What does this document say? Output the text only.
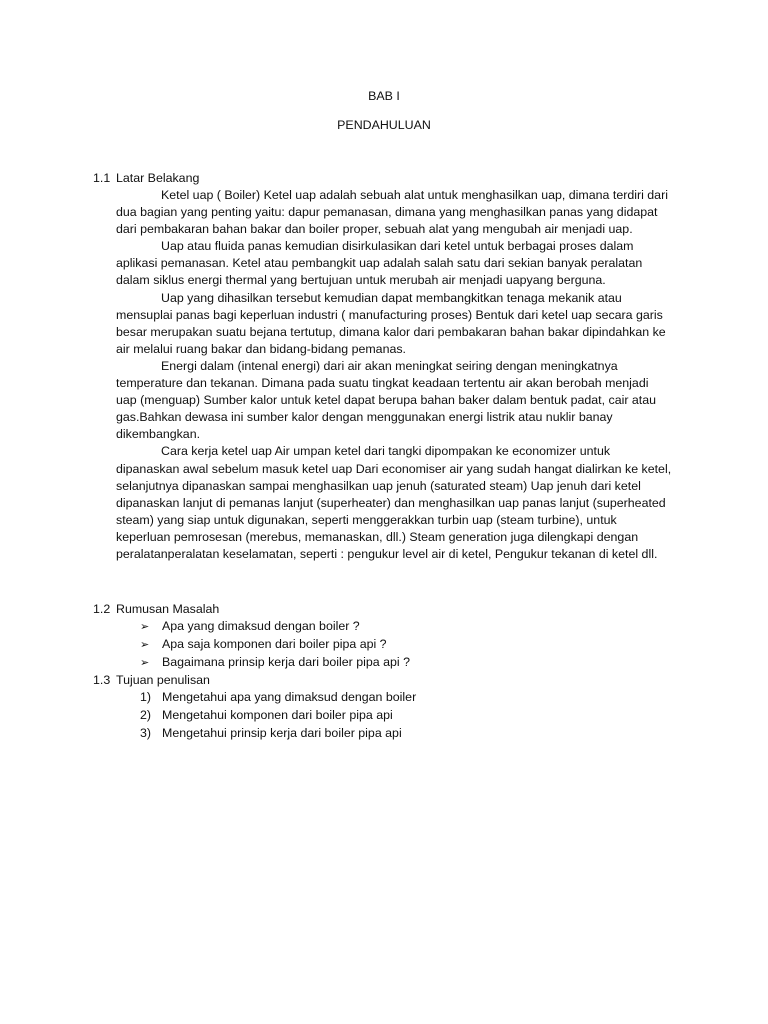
BAB I
PENDAHULUAN
1.1 Latar Belakang

Ketel uap ( Boiler) Ketel uap adalah sebuah alat untuk menghasilkan uap, dimana terdiri dari dua bagian yang penting yaitu: dapur pemanasan, dimana yang menghasilkan panas yang didapat dari pembakaran bahan bakar dan boiler proper, sebuah alat yang mengubah air menjadi uap.

Uap atau fluida panas kemudian disirkulasikan dari ketel untuk berbagai proses dalam aplikasi pemanasan. Ketel atau pembangkit uap adalah salah satu dari sekian banyak peralatan dalam siklus energi thermal yang bertujuan untuk merubah air menjadi uapyang berguna.

Uap yang dihasilkan tersebut kemudian dapat membangkitkan tenaga mekanik atau mensuplai panas bagi keperluan industri ( manufacturing proses) Bentuk dari ketel uap secara garis besar merupakan suatu bejana tertutup, dimana kalor dari pembakaran bahan bakar dipindahkan ke air melalui ruang bakar dan bidang-bidang pemanas.

Energi dalam (intenal energi) dari air akan meningkat seiring dengan meningkatnya temperature dan tekanan. Dimana pada suatu tingkat keadaan tertentu air akan berobah menjadi uap (menguap) Sumber kalor untuk ketel dapat berupa bahan baker dalam bentuk padat, cair atau gas.Bahkan dewasa ini sumber kalor dengan menggunakan energi listrik atau nuklir banay dikembangkan.

Cara kerja ketel uap Air umpan ketel dari tangki dipompakan ke economizer untuk dipanaskan awal sebelum masuk ketel uap Dari economiser air yang sudah hangat dialirkan ke ketel, selanjutnya dipanaskan sampai menghasilkan uap jenuh (saturated steam) Uap jenuh dari ketel dipanaskan lanjut di pemanas lanjut (superheater) dan menghasilkan uap panas lanjut (superheated steam) yang siap untuk digunakan, seperti menggerakkan turbin uap (steam turbine), untuk keperluan pemrosesan (merebus, memanaskan, dll.) Steam generation juga dilengkapi dengan peralatanperalatan keselamatan, seperti : pengukur level air di ketel, Pengukur tekanan di ketel dll.

1.2 Rumusan Masalah
➢ Apa yang dimaksud dengan boiler ?
➢ Apa saja komponen dari boiler pipa api ?
➢ Bagaimana prinsip kerja dari boiler pipa api ?
1.3 Tujuan penulisan
1) Mengetahui apa yang dimaksud dengan boiler
2) Mengetahui komponen dari boiler pipa api
3) Mengetahui prinsip kerja dari boiler pipa api
